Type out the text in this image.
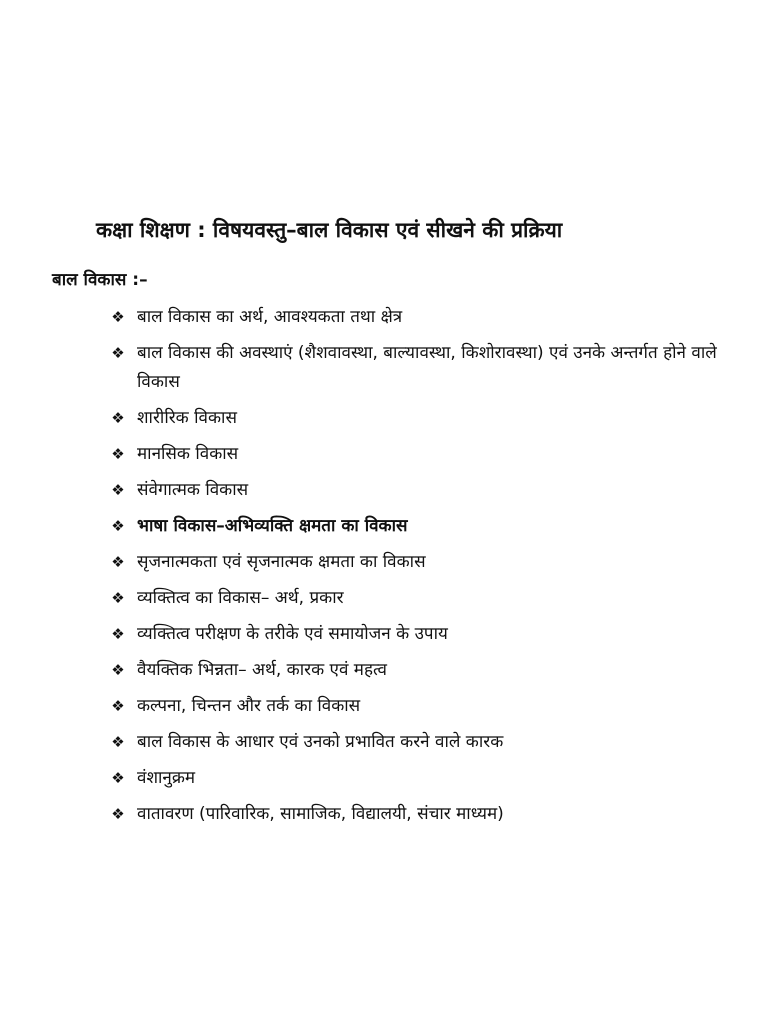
कक्षा शिक्षण : विषयवस्तु–बाल विकास एवं सीखने की प्रक्रिया
बाल विकास :–
❖ बाल विकास का अर्थ, आवश्यकता तथा क्षेत्र
❖ बाल विकास की अवस्थाएं (शैशवावस्था, बाल्यावस्था, किशोरावस्था) एवं उनके अन्तर्गत होने वाले विकास
❖ शारीरिक विकास
❖ मानसिक विकास
❖ संवेगात्मक विकास
❖ भाषा विकास–अभिव्यक्ति क्षमता का विकास
❖ सृजनात्मकता एवं सृजनात्मक क्षमता का विकास
❖ व्यक्तित्व का विकास– अर्थ, प्रकार
❖ व्यक्तित्व परीक्षण के तरीके एवं समायोजन के उपाय
❖ वैयक्तिक भिन्नता– अर्थ, कारक एवं महत्व
❖ कल्पना, चिन्तन और तर्क का विकास
❖ बाल विकास के आधार एवं उनको प्रभावित करने वाले कारक
❖ वंशानुक्रम
❖ वातावरण (पारिवारिक, सामाजिक, विद्यालयी, संचार माध्यम)
